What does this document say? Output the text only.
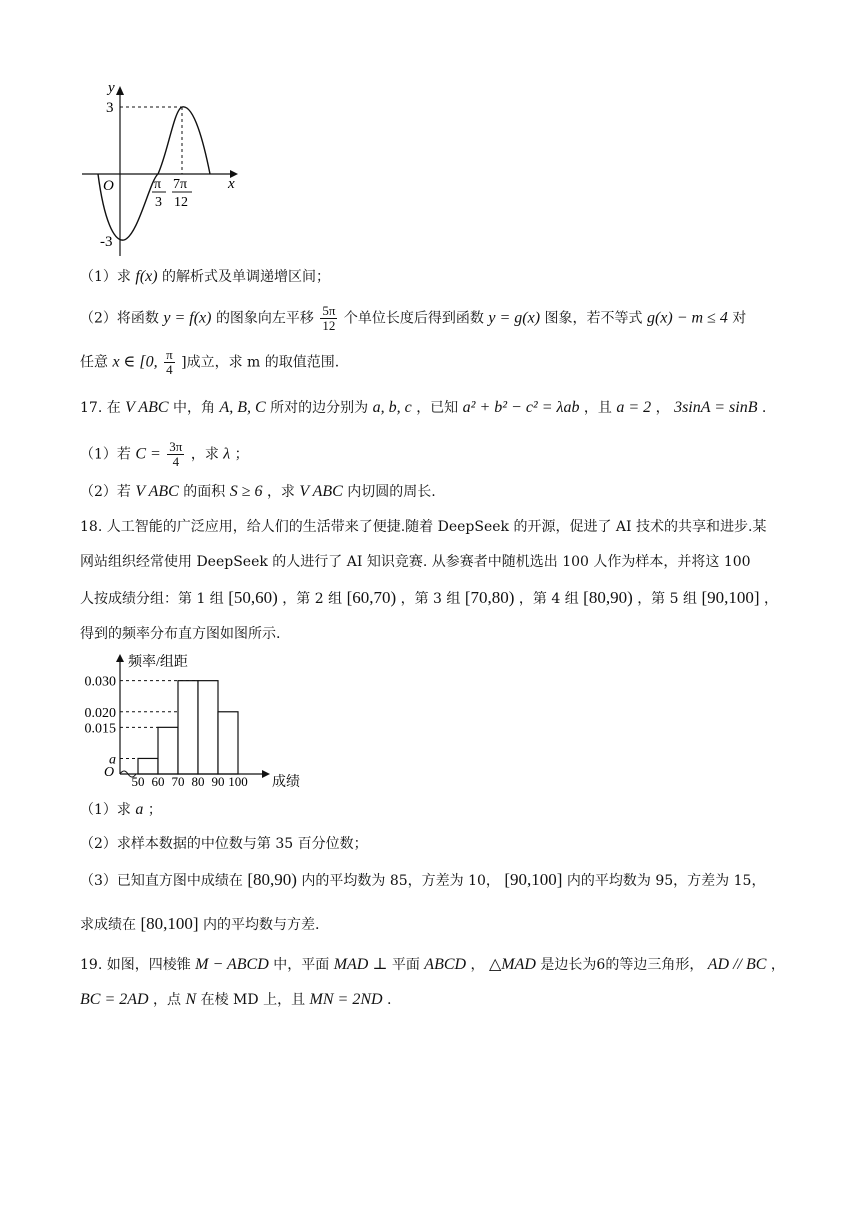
y
x
O
3
-3
π
3
7π
12
（1）求 f(x) 的解析式及单调递增区间；
（2）将函数 y = f(x) 的图象向左平移 $\frac{5\pi}{12}$ 个单位长度后得到函数 y = g(x) 图象，若不等式 g(x) − m ≤ 4 对
任意 x ∈ [0, $\frac{\pi}{4}$ ]成立，求 m 的取值范围.
17. 在 V ABC 中，角 A, B, C 所对的边分别为 a, b, c ，已知 a² + b² − c² = λab ，且 a = 2 ， 3sinA = sinB .
（1）若 $C = \frac{3\pi}{4}$ ，求 λ ；
（2）若 V ABC 的面积 S ≥ 6 ，求 V ABC 内切圆的周长.
18. 人工智能的广泛应用，给人们的生活带来了便捷.随着 DeepSeek 的开源，促进了 AI 技术的共享和进步.某
网站组织经常使用 DeepSeek 的人进行了 AI 知识竞赛. 从参赛者中随机选出 100 人作为样本，并将这 100
人按成绩分组：第 1 组 [50,60) ，第 2 组 [60,70) ，第 3 组 [70,80) ，第 4 组 [80,90) ，第 5 组 [90,100] ，
得到的频率分布直方图如图所示.
0.030
0.020
0.015
a
频率/组距
成绩
O
50 60 70 80 90 100
（1）求 a ；
（2）求样本数据的中位数与第 35 百分位数；
（3）已知直方图中成绩在 [80,90) 内的平均数为 85，方差为 10， [90,100] 内的平均数为 95，方差为 15，
求成绩在 [80,100] 内的平均数与方差.
19. 如图，四棱锥 M − ABCD 中，平面 MAD ⊥ 平面 ABCD ， △MAD 是边长为6的等边三角形， AD // BC ，
BC = 2AD ，点 N 在棱 MD 上，且 MN = 2ND .
